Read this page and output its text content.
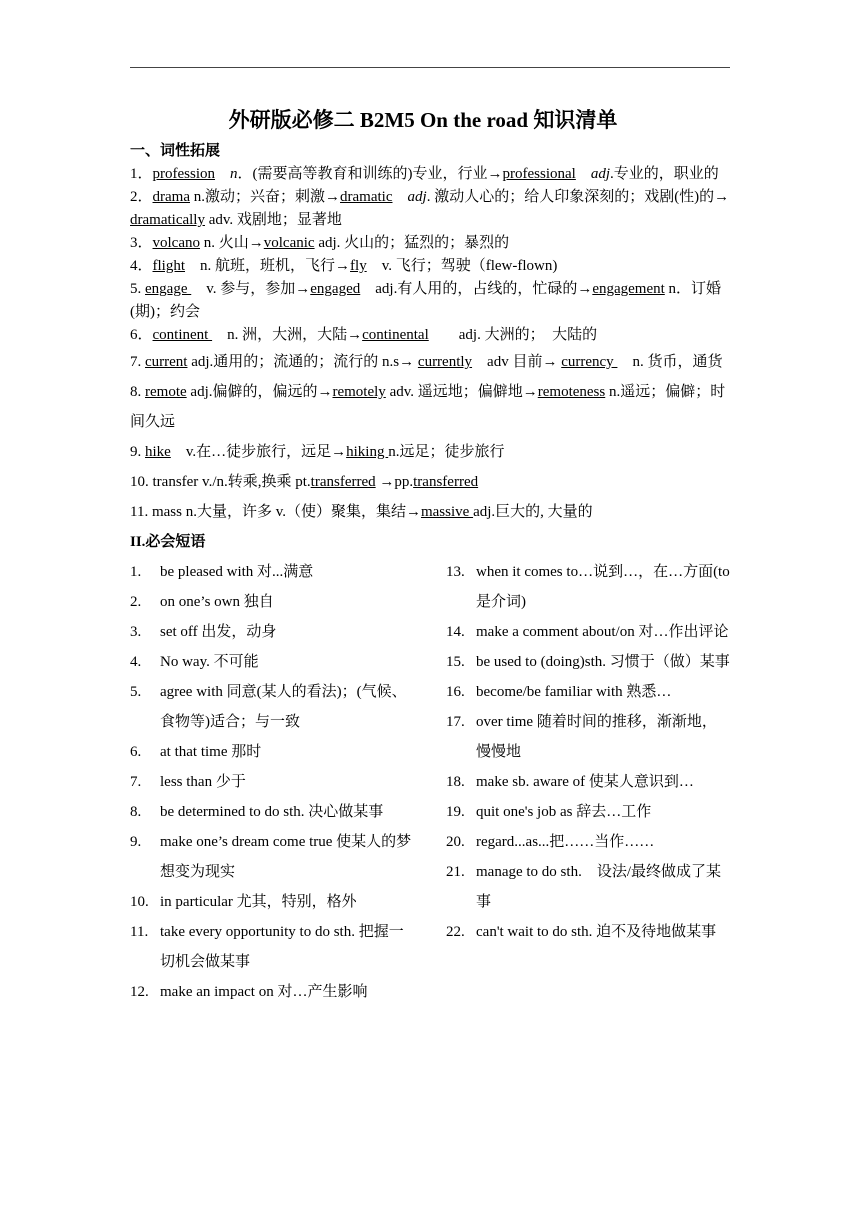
外研版必修二 B2M5 On the road 知识清单
一、词性拓展
1．profession　 n．(需要高等教育和训练的)专业，行业→professional　 adj.专业的，职业的
2．drama n.激动；兴奋；刺激→dramatic　 adj. 激动人心的；给人印象深刻的；戏剧(性)的→dramatically adv. 戏剧地；显著地
3．volcano n. 火山→volcanic adj. 火山的；猛烈的；暴烈的
4．flight　n. 航班，班机，飞行→fly　v. 飞行；驾驶（flew-flown)
5. engage 　v. 参与，参加→engaged　adj.有人用的，占线的，忙碌的→engagement n．订婚(期)；约会
6．continent 　n. 洲，大洲，大陆→continental　　adj. 大洲的；　大陆的
7. current adj.通用的；流通的；流行的 n.s→ currently　adv 目前→ currency 　n. 货币，通货
8. remote adj.偏僻的，偏远的→remotely adv. 遥远地；偏僻地→remoteness n.遥远；偏僻；时间久远
9. hike　v.在…徒步旅行，远足→hiking n.远足；徒步旅行
10. transfer v./n.转乘,换乘 pt.transferred →pp.transferred
11. mass n.大量，许多 v.（使）聚集，集结→massive adj.巨大的, 大量的
II.必会短语
1.	be pleased with 对...满意
2.	on one’s own 独自
3.	set off 出发，动身
4.	No way. 不可能
5.	agree with 同意(某人的看法)；(气候、食物等)适合；与一致
6.	at that time 那时
7.	less than 少于
8.	be determined to do sth. 决心做某事
9.	make one’s dream come true 使某人的梦想变为现实
10. in particular 尤其，特别，格外
11. take every opportunity to do sth. 把握一切机会做某事
12. make an impact on 对…产生影响
13. when it comes to…说到…，在…方面(to 是介词)
14. make a comment about/on 对…作出评论
15. be used to (doing)sth. 习惯于（做）某事
16. become/be familiar with 熟悉…
17. over time 随着时间的推移，渐渐地，慢慢地
18. make sb. aware of 使某人意识到…
19. quit one's job as 辞去…工作
20. regard...as...把……当作……
21. manage to do sth.　设法/最终做成了某事
22. can't wait to do sth. 迫不及待地做某事
